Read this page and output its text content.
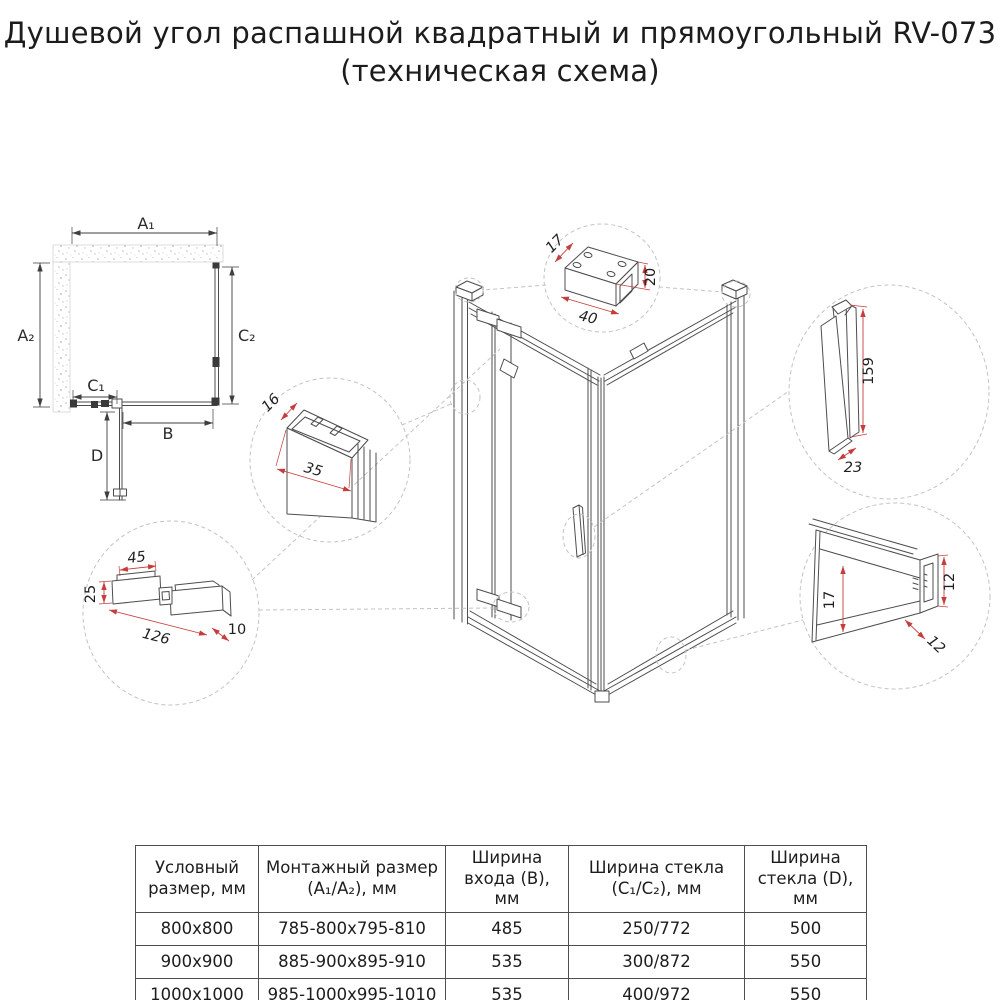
Душевой угол распашной квадратный и прямоугольный RV-073
(техническая схема)
A₁
A₂	C₂
C₁
B
D
17
40
20
16
35
159
23
45
25
126	10
17
12
12
Условный размер, мм	Монтажный размер (A₁/A₂), мм	Ширина входа (B), мм	Ширина стекла (C₁/C₂), мм	Ширина стекла (D), мм
800x800	785-800x795-810	485	250/772	500
900x900	885-900x895-910	535	300/872	550
1000x1000	985-1000x995-1010	535	400/972	550
